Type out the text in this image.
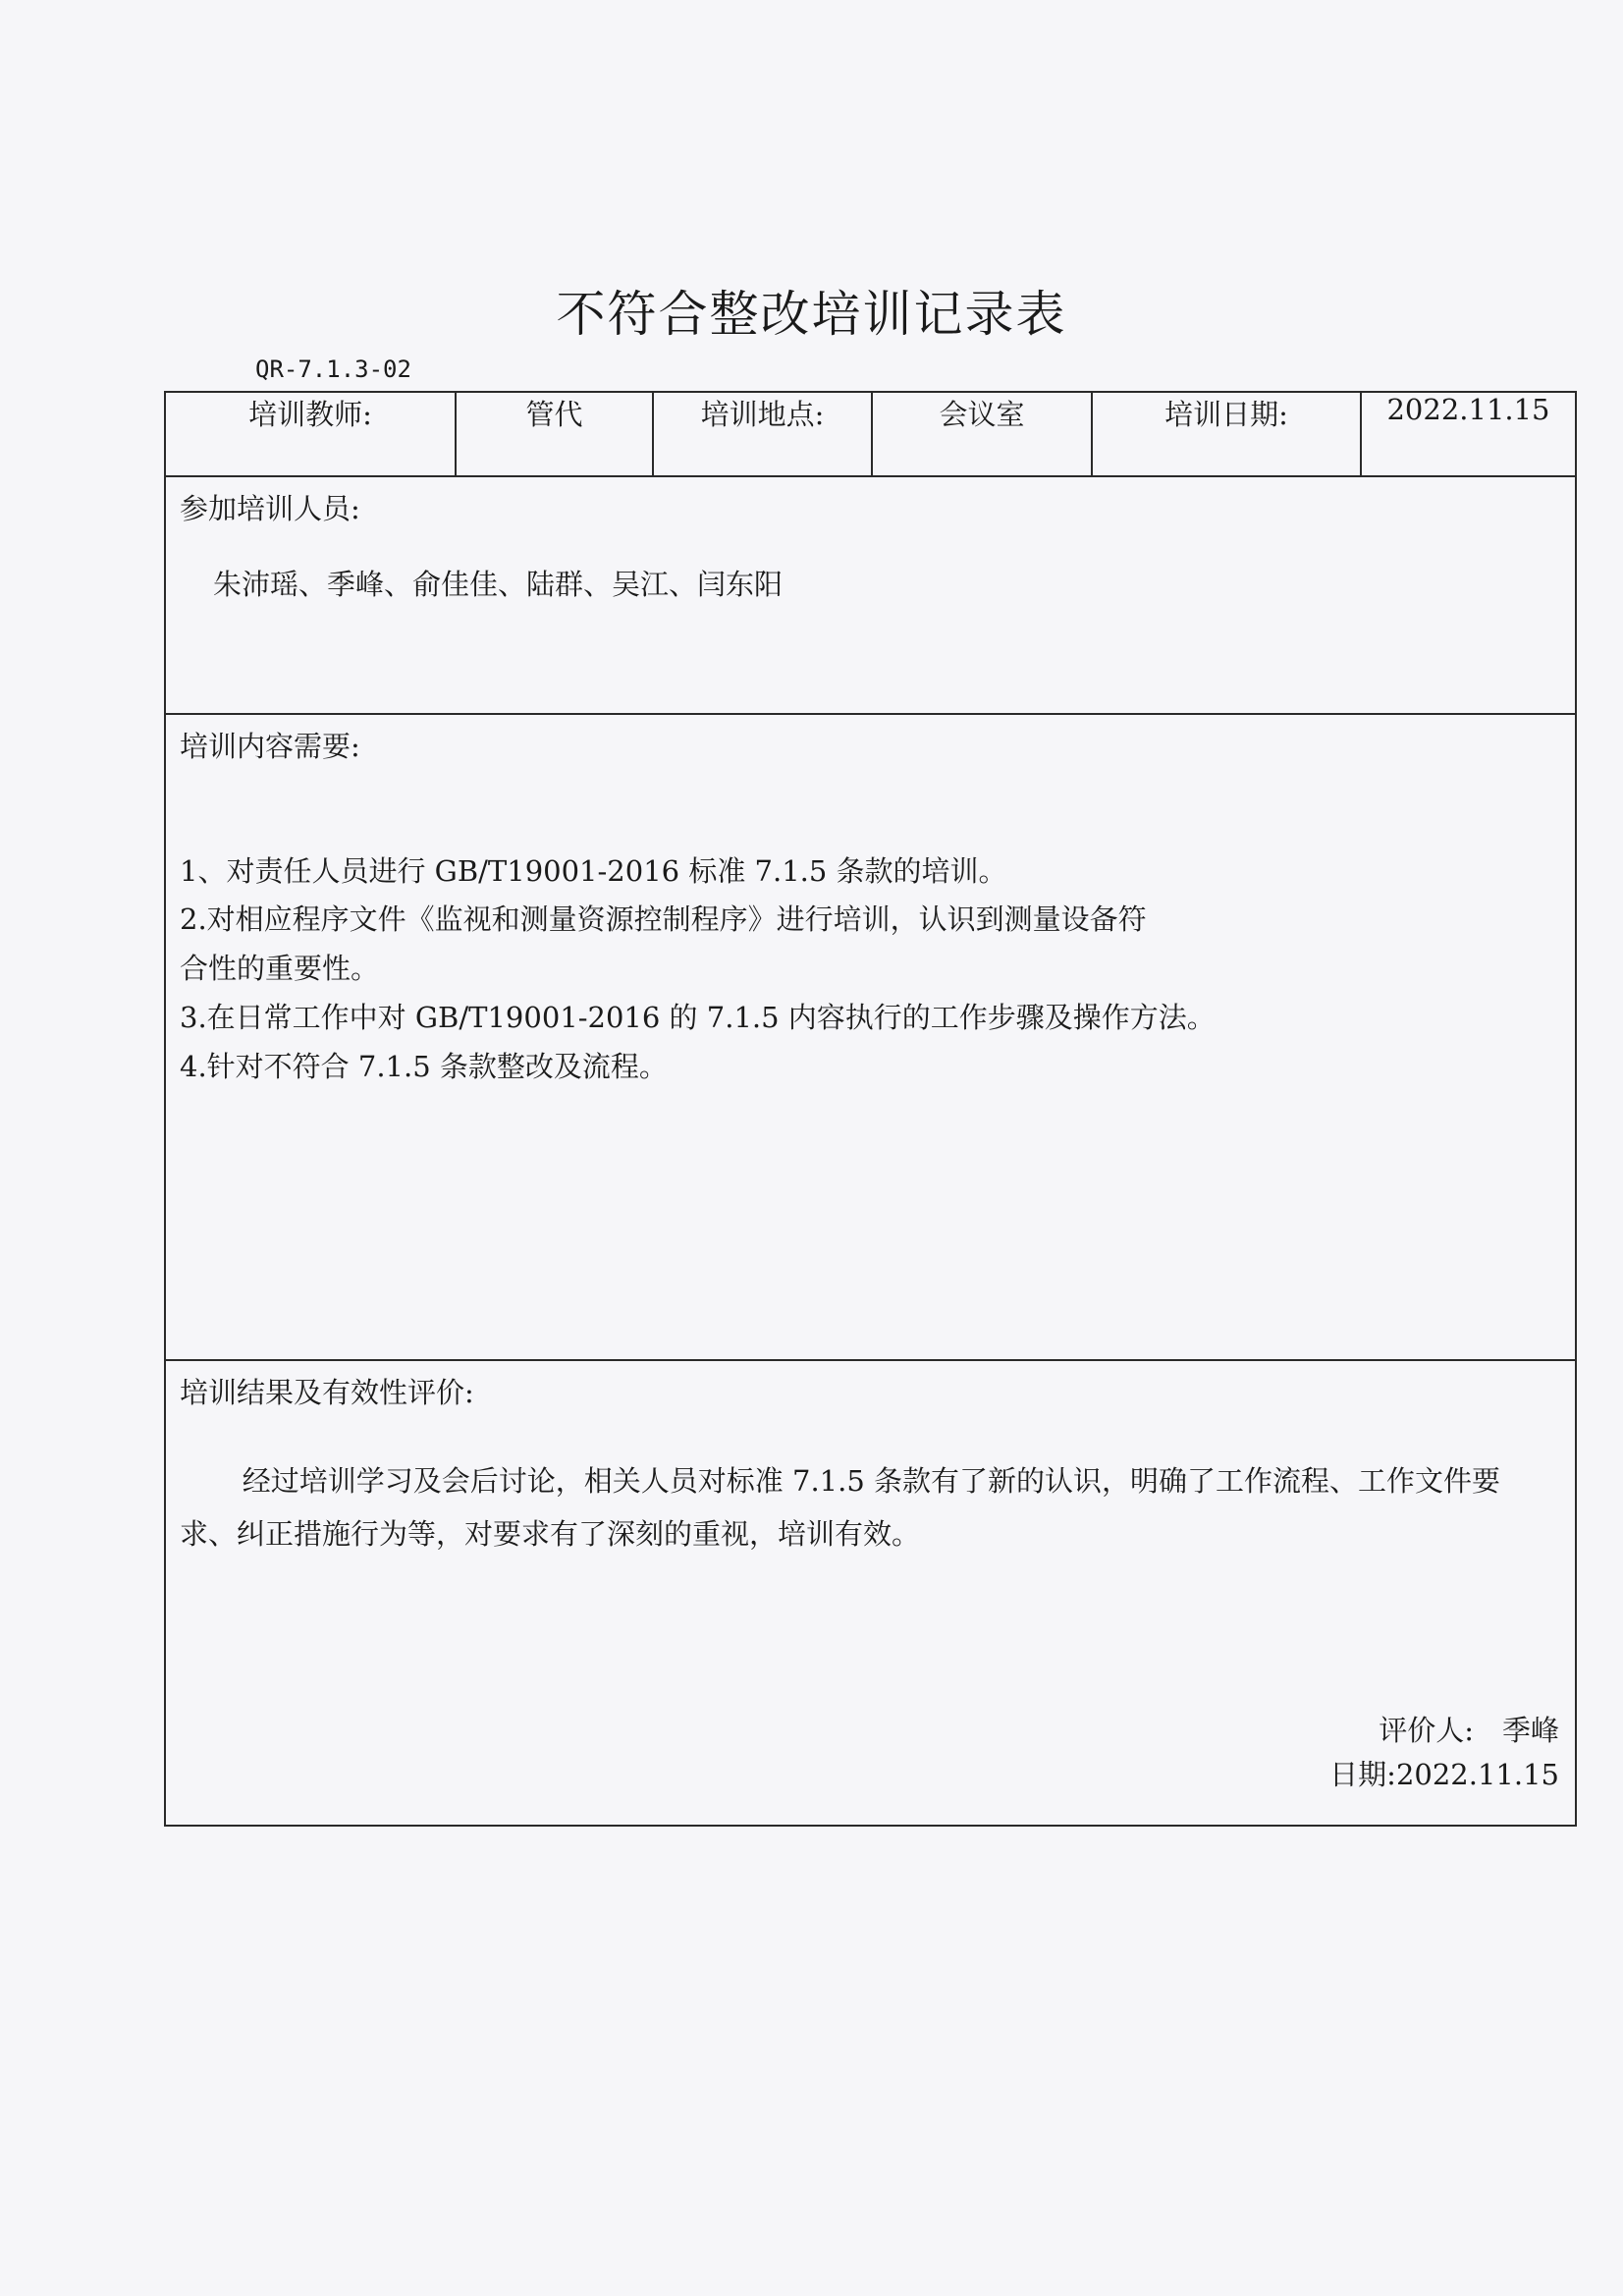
不符合整改培训记录表
QR-7.1.3-02
培训教师:	管代	培训地点:	会议室	培训日期:	2022.11.15

参加培训人员:
朱沛瑶、季峰、俞佳佳、陆群、吴江、闫东阳

培训内容需要:
1、对责任人员进行 GB/T19001-2016 标准 7.1.5 条款的培训。
2.对相应程序文件《监视和测量资源控制程序》进行培训，认识到测量设备符
合性的重要性。
3.在日常工作中对 GB/T19001-2016 的 7.1.5 内容执行的工作步骤及操作方法。
4.针对不符合 7.1.5 条款整改及流程。

培训结果及有效性评价:
经过培训学习及会后讨论，相关人员对标准 7.1.5 条款有了新的认识，明确了工作流程、工作文件要求、纠正措施行为等，对要求有了深刻的重视，培训有效。
评价人:　季峰
日期:2022.11.15
